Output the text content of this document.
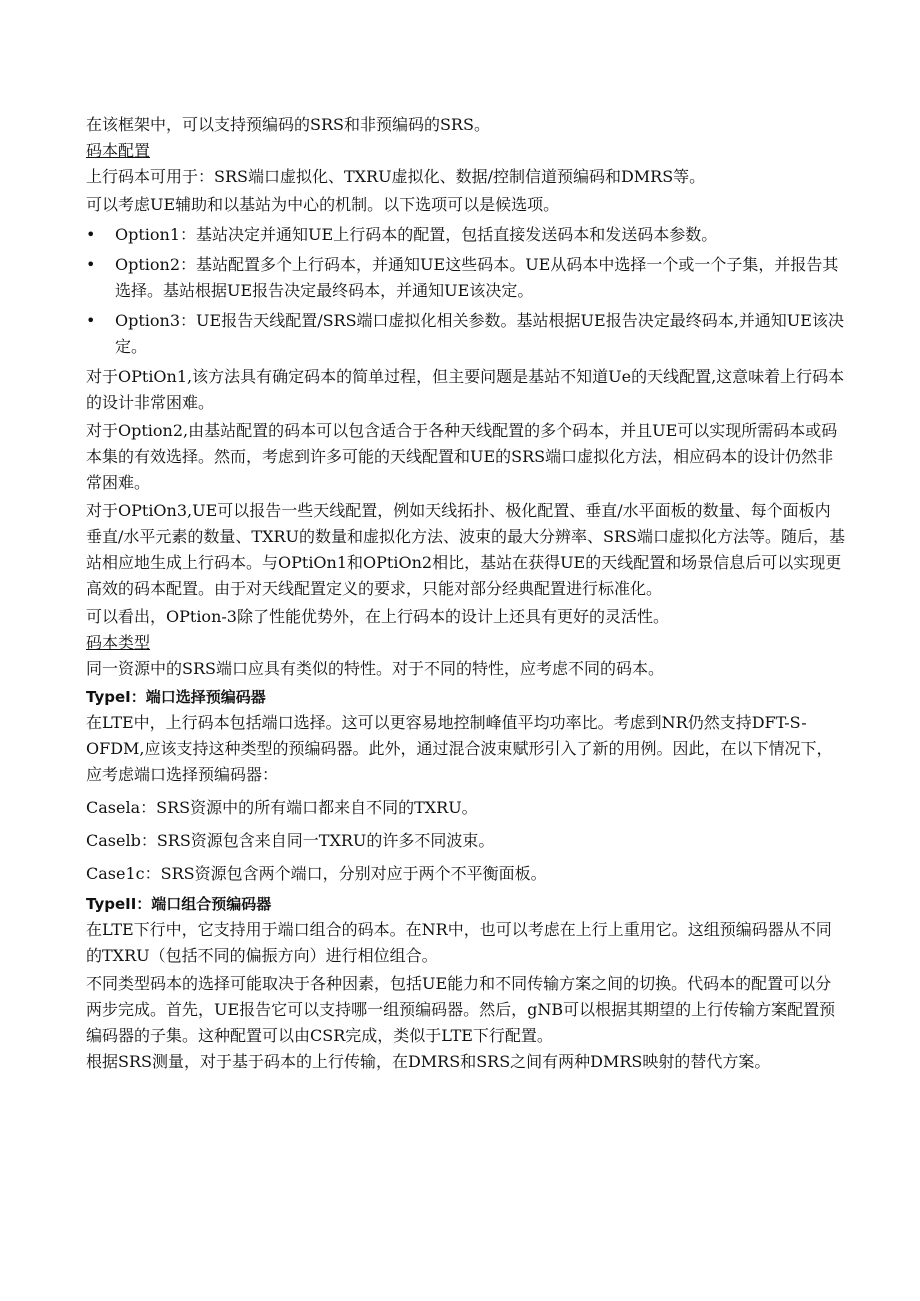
在该框架中，可以支持预编码的SRS和非预编码的SRS。

码本配置

上行码本可用于：SRS端口虚拟化、TXRU虚拟化、数据/控制信道预编码和DMRS等。

可以考虑UE辅助和以基站为中心的机制。以下选项可以是候选项。

•	Option1：基站决定并通知UE上行码本的配置，包括直接发送码本和发送码本参数。
•	Option2：基站配置多个上行码本，并通知UE这些码本。UE从码本中选择一个或一个子集，并报告其选择。基站根据UE报告决定最终码本，并通知UE该决定。
•	Option3：UE报告天线配置/SRS端口虚拟化相关参数。基站根据UE报告决定最终码本,并通知UE该决定。

对于OPtiOn1,该方法具有确定码本的简单过程，但主要问题是基站不知道Ue的天线配置,这意味着上行码本的设计非常困难。

对于Option2,由基站配置的码本可以包含适合于各种天线配置的多个码本，并且UE可以实现所需码本或码本集的有效选择。然而，考虑到许多可能的天线配置和UE的SRS端口虚拟化方法，相应码本的设计仍然非常困难。

对于OPtiOn3,UE可以报告一些天线配置，例如天线拓扑、极化配置、垂直/水平面板的数量、每个面板内垂直/水平元素的数量、TXRU的数量和虚拟化方法、波束的最大分辨率、SRS端口虚拟化方法等。随后，基站相应地生成上行码本。与OPtiOn1和OPtiOn2相比，基站在获得UE的天线配置和场景信息后可以实现更高效的码本配置。由于对天线配置定义的要求，只能对部分经典配置进行标准化。

可以看出，OPtion-3除了性能优势外，在上行码本的设计上还具有更好的灵活性。

码本类型

同一资源中的SRS端口应具有类似的特性。对于不同的特性，应考虑不同的码本。

TypeI：端口选择预编码器

在LTE中，上行码本包括端口选择。这可以更容易地控制峰值平均功率比。考虑到NR仍然支持DFT-S-OFDM,应该支持这种类型的预编码器。此外，通过混合波束赋形引入了新的用例。因此，在以下情况下，应考虑端口选择预编码器：

Casela：SRS资源中的所有端口都来自不同的TXRU。

Caselb：SRS资源包含来自同一TXRU的许多不同波束。

Case1c：SRS资源包含两个端口，分别对应于两个不平衡面板。

TypeII：端口组合预编码器

在LTE下行中，它支持用于端口组合的码本。在NR中，也可以考虑在上行上重用它。这组预编码器从不同的TXRU（包括不同的偏振方向）进行相位组合。

不同类型码本的选择可能取决于各种因素，包括UE能力和不同传输方案之间的切换。代码本的配置可以分两步完成。首先，UE报告它可以支持哪一组预编码器。然后，gNB可以根据其期望的上行传输方案配置预编码器的子集。这种配置可以由CSR完成，类似于LTE下行配置。

根据SRS测量，对于基于码本的上行传输，在DMRS和SRS之间有两种DMRS映射的替代方案。
